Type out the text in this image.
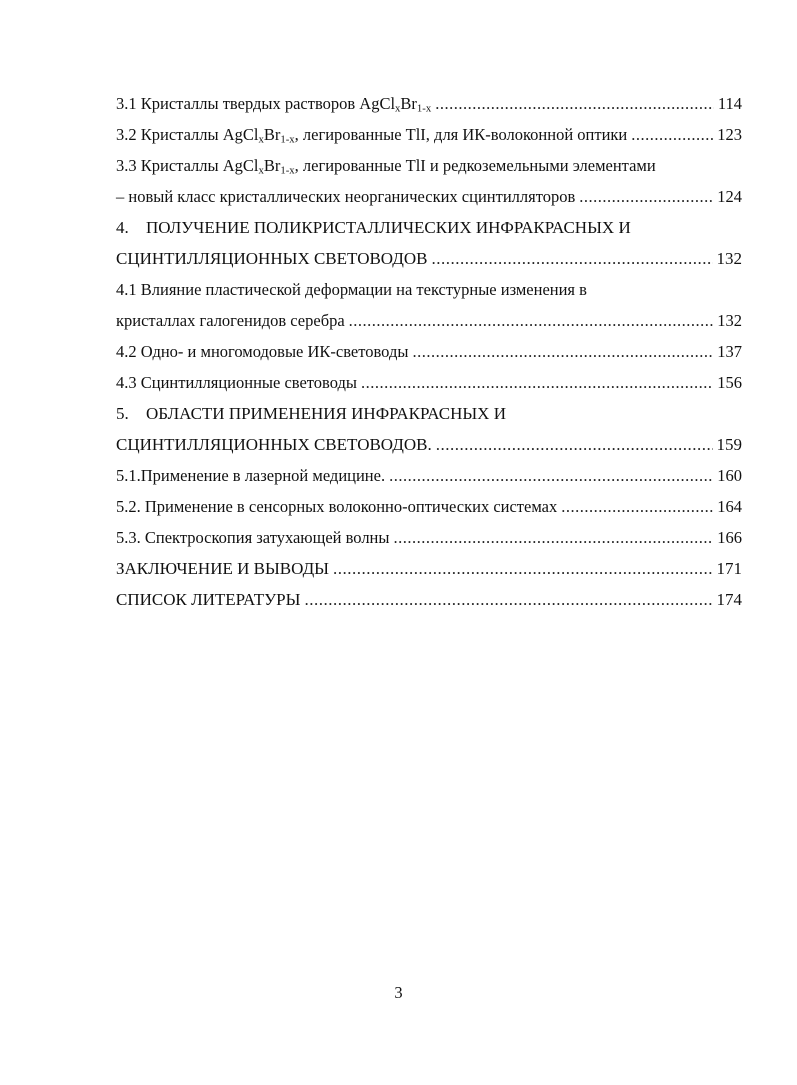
3.1 Кристаллы твердых растворов $AgCl_xBr_{1-x}$ .....	114
3.2 Кристаллы $AgCl_xBr_{1-x}$, легированные TlI, для ИК-волоконной оптики .....	123
3.3 Кристаллы $AgCl_xBr_{1-x}$, легированные TlI и редкоземельными элементами
– новый класс кристаллических неорганических сцинтилляторов .....	124
4. ПОЛУЧЕНИЕ ПОЛИКРИСТАЛЛИЧЕСКИХ ИНФРАКРАСНЫХ И
СЦИНТИЛЛЯЦИОННЫХ СВЕТОВОДОВ .....	132
4.1 Влияние пластической деформации на текстурные изменения в
кристаллах галогенидов серебра .....	132
4.2 Одно- и многомодовые ИК-световоды .....	137
4.3 Сцинтилляционные световоды .....	156
5. ОБЛАСТИ ПРИМЕНЕНИЯ ИНФРАКРАСНЫХ И
СЦИНТИЛЛЯЦИОННЫХ СВЕТОВОДОВ. .....	159
5.1.Применение в лазерной медицине. .....	160
5.2. Применение в сенсорных волоконно-оптических системах .....	164
5.3. Спектроскопия затухающей волны .....	166
ЗАКЛЮЧЕНИЕ И ВЫВОДЫ .....	171
СПИСОК ЛИТЕРАТУРЫ .....	174
3
